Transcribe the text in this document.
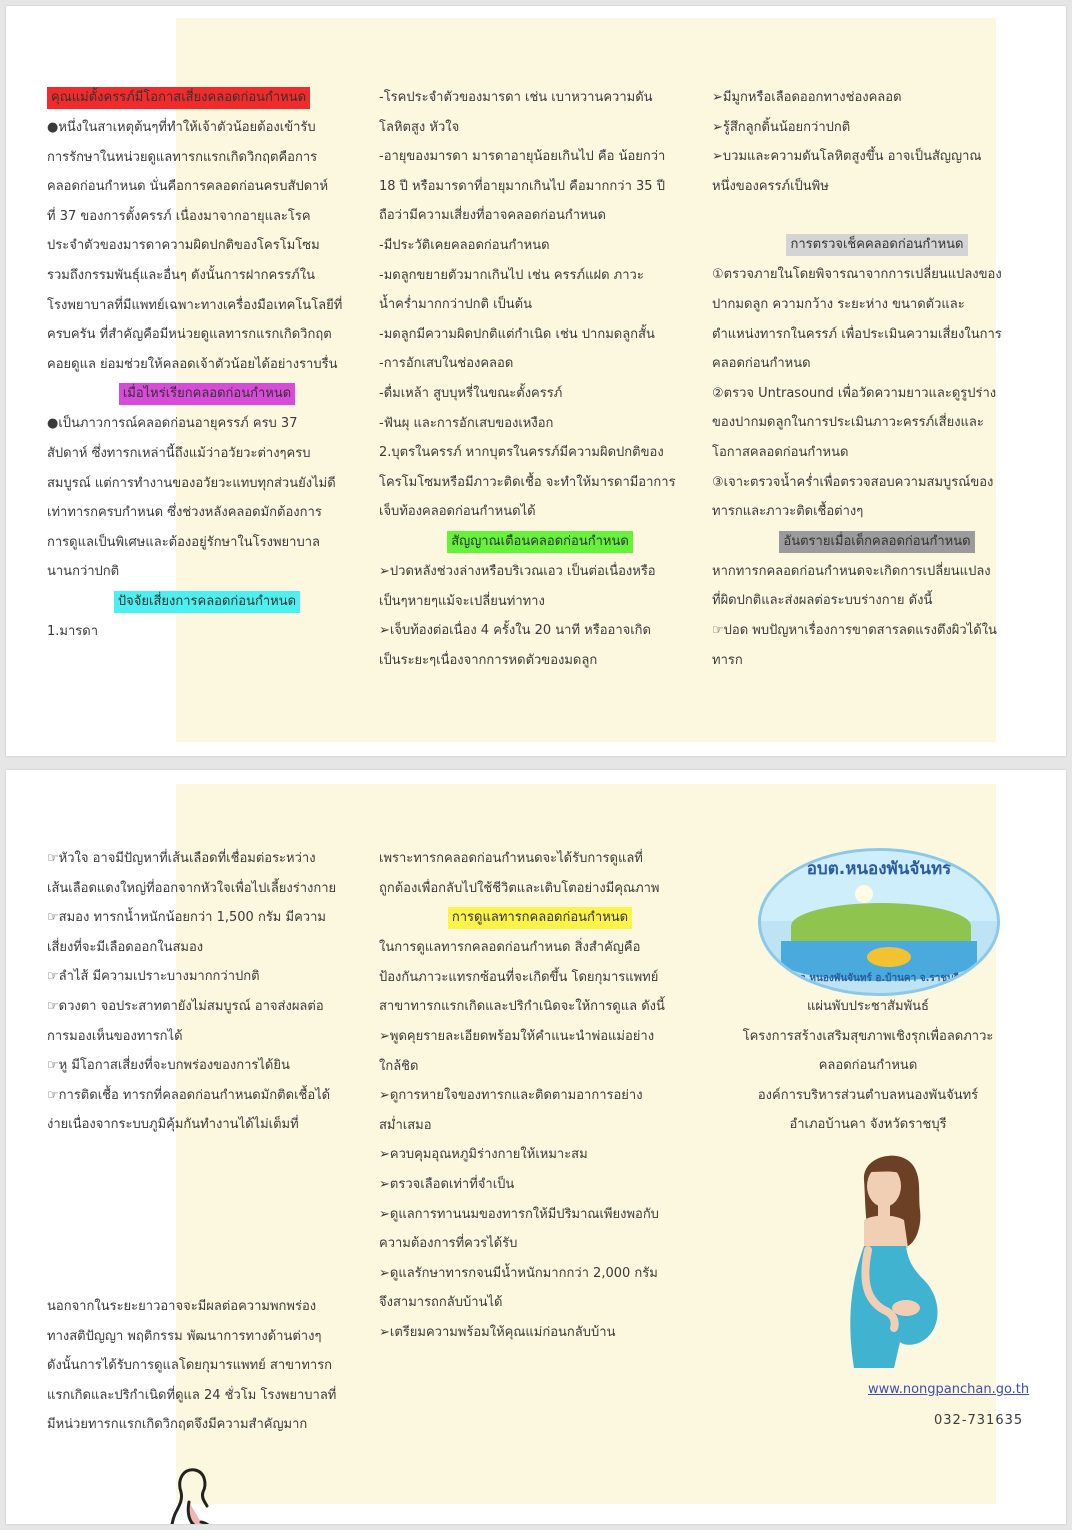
คุณแม่ตั้งครรภ์มีโอกาสเสี่ยงคลอดก่อนกำหนด

●หนึ่งในสาเหตุต้นๆที่ทำให้เจ้าตัวน้อยต้องเข้ารับ

การรักษาในหน่วยดูแลทารกแรกเกิดวิกฤตคือการ

คลอดก่อนกำหนด นั่นคือการคลอดก่อนครบสัปดาห์

ที่ 37 ของการตั้งครรภ์ เนื่องมาจากอายุและโรค

ประจำตัวของมารดาความผิดปกติของโครโมโซม

รวมถึงกรรมพันธุ์และอื่นๆ ดังนั้นการฝากครรภ์ใน

โรงพยาบาลที่มีแพทย์เฉพาะทางเครื่องมือเทคโนโลยีที่

ครบครัน ที่สำคัญคือมีหน่วยดูแลทารกแรกเกิดวิกฤต

คอยดูแล ย่อมช่วยให้คลอดเจ้าตัวน้อยได้อย่างราบรื่น

เมื่อไหร่เรียกคลอดก่อนกำหนด

●เป็นภาวการณ์คลอดก่อนอายุครรภ์ ครบ 37

สัปดาห์ ซึ่งทารกเหล่านี้ถึงแม้ว่าอวัยวะต่างๆครบ

สมบูรณ์ แต่การทำงานของอวัยวะแทบทุกส่วนยังไม่ดี

เท่าทารกครบกำหนด ซึ่งช่วงหลังคลอดมักต้องการ

การดูแลเป็นพิเศษและต้องอยู่รักษาในโรงพยาบาล

นานกว่าปกติ

ปัจจัยเสี่ยงการคลอดก่อนกำหนด

1.มารดา

-โรคประจำตัวของมารดา เช่น เบาหวานความดัน

โลหิตสูง หัวใจ

-อายุของมารดา มารดาอายุน้อยเกินไป คือ น้อยกว่า

18 ปี หรือมารดาที่อายุมากเกินไป คือมากกว่า 35 ปี

ถือว่ามีความเสี่ยงที่อาจคลอดก่อนกำหนด

-มีประวัติเคยคลอดก่อนกำหนด

-มดลูกขยายตัวมากเกินไป เช่น ครรภ์แฝด ภาวะ

น้ำคร่ำมากกว่าปกติ เป็นต้น

-มดลูกมีความผิดปกติแต่กำเนิด เช่น ปากมดลูกสั้น

-การอักเสบในช่องคลอด

-ดื่มเหล้า สูบบุหรี่ในขณะตั้งครรภ์

-ฟันผุ และการอักเสบของเหงือก

2.บุตรในครรภ์ หากบุตรในครรภ์มีความผิดปกติของ

โครโมโซมหรือมีภาวะติดเชื้อ จะทำให้มารดามีอาการ

เจ็บท้องคลอดก่อนกำหนดได้

สัญญาณเตือนคลอดก่อนกำหนด

➢ปวดหลังช่วงล่างหรือบริเวณเอว เป็นต่อเนื่องหรือ

เป็นๆหายๆแม้จะเปลี่ยนท่าทาง

➢เจ็บท้องต่อเนื่อง 4 ครั้งใน 20 นาที หรืออาจเกิด

เป็นระยะๆเนื่องจากการหดตัวของมดลูก

➢มีมูกหรือเลือดออกทางช่องคลอด

➢รู้สึกลูกดิ้นน้อยกว่าปกติ

➢บวมและความดันโลหิตสูงขึ้น อาจเป็นสัญญาณ

หนึ่งของครรภ์เป็นพิษ

การตรวจเช็คคลอดก่อนกำหนด

①ตรวจภายในโดยพิจารณาจากการเปลี่ยนแปลงของ

ปากมดลูก ความกว้าง ระยะห่าง ขนาดตัวและ

ตำแหน่งทารกในครรภ์ เพื่อประเมินความเสี่ยงในการ

คลอดก่อนกำหนด

②ตรวจ Untrasound เพื่อวัดความยาวและดูรูปร่าง

ของปากมดลูกในการประเมินภาวะครรภ์เสี่ยงและ

โอกาสคลอดก่อนกำหนด

③เจาะตรวจน้ำคร่ำเพื่อตรวจสอบความสมบูรณ์ของ

ทารกและภาวะติดเชื้อต่างๆ

อันตรายเมื่อเด็กคลอดก่อนกำหนด

หากทารกคลอดก่อนกำหนดจะเกิดการเปลี่ยนแปลง

ที่ผิดปกติและส่งผลต่อระบบร่างกาย ดังนี้

☞ปอด พบปัญหาเรื่องการขาดสารลดแรงตึงผิวได้ใน

ทารก

☞หัวใจ อาจมีปัญหาที่เส้นเลือดที่เชื่อมต่อระหว่าง

เส้นเลือดแดงใหญ่ที่ออกจากหัวใจเพื่อไปเลี้ยงร่างกาย

☞สมอง ทารกน้ำหนักน้อยกว่า 1,500 กรัม มีความ

เสี่ยงที่จะมีเลือดออกในสมอง

☞ลำไส้ มีความเปราะบางมากกว่าปกติ

☞ดวงตา จอประสาทตายังไม่สมบูรณ์ อาจส่งผลต่อ

การมองเห็นของทารกได้

☞หู มีโอกาสเสี่ยงที่จะบกพร่องของการได้ยิน

☞การติดเชื้อ ทารกที่คลอดก่อนกำหนดมักติดเชื้อได้

ง่ายเนื่องจากระบบภูมิคุ้มกันทำงานได้ไม่เต็มที่

นอกจากในระยะยาวอาจจะมีผลต่อความพกพร่อง

ทางสติปัญญา พฤติกรรม พัฒนาการทางด้านต่างๆ

ดังนั้นการได้รับการดูแลโดยกุมารแพทย์ สาขาทารก

แรกเกิดและปริกำเนิดที่ดูแล 24 ชั่วโม โรงพยาบาลที่

มีหน่วยทารกแรกเกิดวิกฤตจึงมีความสำคัญมาก

เพราะทารกคลอดก่อนกำหนดจะได้รับการดูแลที่

ถูกต้องเพื่อกลับไปใช้ชีวิตและเติบโตอย่างมีคุณภาพ

การดูแลทารกคลอดก่อนกำหนด

ในการดูแลทารกคลอดก่อนกำหนด สิ่งสำคัญคือ

ป้องกันภาวะแทรกซ้อนที่จะเกิดขึ้น โดยกุมารแพทย์

สาขาทารกแรกเกิดและปริกำเนิดจะให้การดูแล ดังนี้

➢พูดคุยรายละเอียดพร้อมให้คำแนะนำพ่อแม่อย่าง

ใกล้ชิด

➢ดูการหายใจของทารกและติดตามอาการอย่าง

สม่ำเสมอ

➢ควบคุมอุณหภูมิร่างกายให้เหมาะสม

➢ตรวจเลือดเท่าที่จำเป็น

➢ดูแลการทานนมของทารกให้มีปริมาณเพียงพอกับ

ความต้องการที่ควรได้รับ

➢ดูแลรักษาทารกจนมีน้ำหนักมากกว่า 2,000 กรัม

จึงสามารถกลับบ้านได้

➢เตรียมความพร้อมให้คุณแม่ก่อนกลับบ้าน

อบต.หนองพันจันทร์
ต.หนองพันจันทร์ อ.บ้านคา จ.ราชบุรี

แผ่นพับประชาสัมพันธ์

โครงการสร้างเสริมสุขภาพเชิงรุกเพื่อลดภาวะ

คลอดก่อนกำหนด

องค์การบริหารส่วนตำบลหนองพันจันทร์

อำเภอบ้านคา จังหวัดราชบุรี

www.nongpanchan.go.th
032-731635
